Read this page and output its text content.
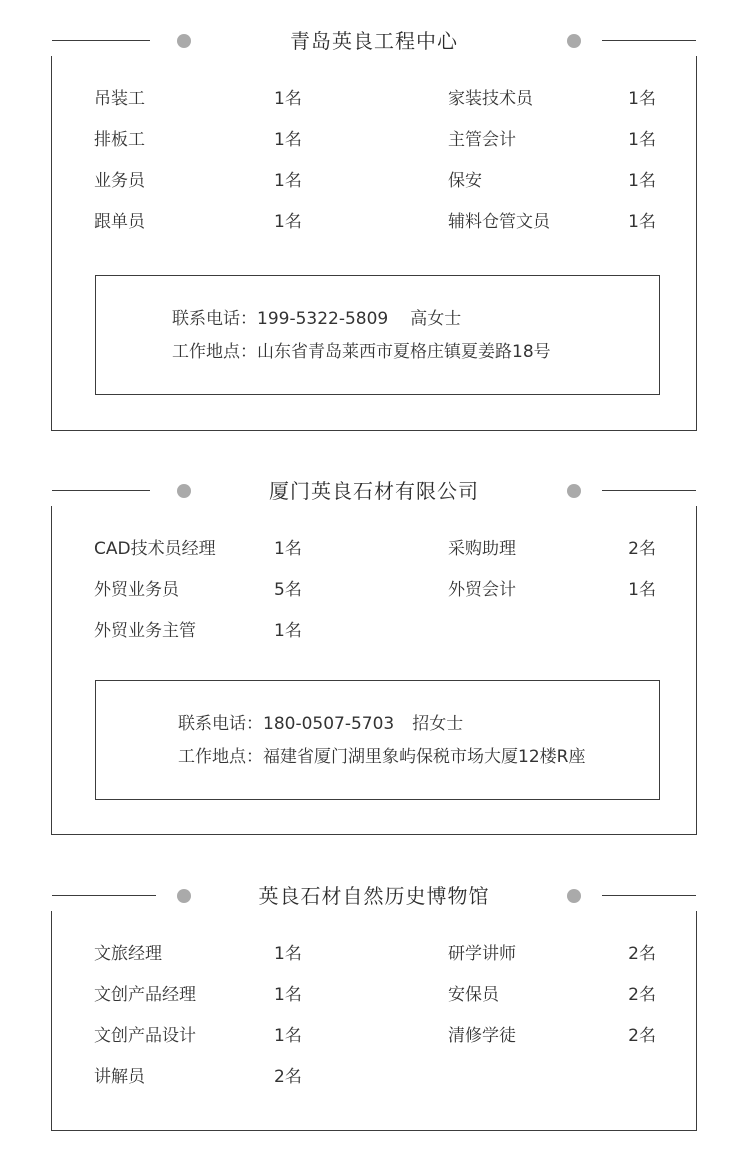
青岛英良工程中心
吊装工	1名	家装技术员	1名
排板工	1名	主管会计	1名
业务员	1名	保安	1名
跟单员	1名	辅料仓管文员	1名
联系电话：199-5322-5809 高女士
工作地点：山东省青岛莱西市夏格庄镇夏姜路18号
厦门英良石材有限公司
CAD技术员经理	1名	采购助理	2名
外贸业务员	5名	外贸会计	1名
外贸业务主管	1名
联系电话：180-0507-5703 招女士
工作地点：福建省厦门湖里象屿保税市场大厦12楼R座
英良石材自然历史博物馆
文旅经理	1名	研学讲师	2名
文创产品经理	1名	安保员	2名
文创产品设计	1名	清修学徒	2名
讲解员	2名
